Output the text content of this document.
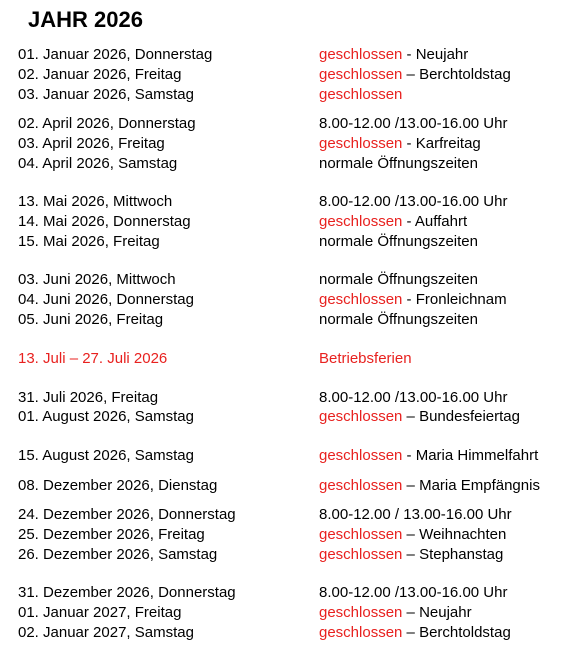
JAHR 2026
01. Januar 2026, Donnerstag	geschlossen - Neujahr
02. Januar 2026, Freitag	geschlossen – Berchtoldstag
03. Januar 2026, Samstag	geschlossen
02. April 2026, Donnerstag	8.00-12.00 /13.00-16.00 Uhr
03. April 2026, Freitag	geschlossen - Karfreitag
04. April 2026, Samstag	normale Öffnungszeiten
13. Mai 2026, Mittwoch	8.00-12.00 /13.00-16.00 Uhr
14. Mai 2026, Donnerstag	geschlossen - Auffahrt
15. Mai 2026, Freitag	normale Öffnungszeiten
03. Juni 2026, Mittwoch	normale Öffnungszeiten
04. Juni 2026, Donnerstag	geschlossen - Fronleichnam
05. Juni 2026, Freitag	normale Öffnungszeiten
13. Juli – 27. Juli 2026	Betriebsferien
31. Juli 2026, Freitag	8.00-12.00 /13.00-16.00 Uhr
01. August 2026, Samstag	geschlossen – Bundesfeiertag
15. August 2026, Samstag	geschlossen - Maria Himmelfahrt
08. Dezember 2026, Dienstag	geschlossen – Maria Empfängnis
24. Dezember 2026, Donnerstag	8.00-12.00 / 13.00-16.00 Uhr
25. Dezember 2026, Freitag	geschlossen – Weihnachten
26. Dezember 2026, Samstag	geschlossen – Stephanstag
31. Dezember 2026, Donnerstag	8.00-12.00 /13.00-16.00 Uhr
01. Januar 2027, Freitag	geschlossen – Neujahr
02. Januar 2027, Samstag	geschlossen – Berchtoldstag
